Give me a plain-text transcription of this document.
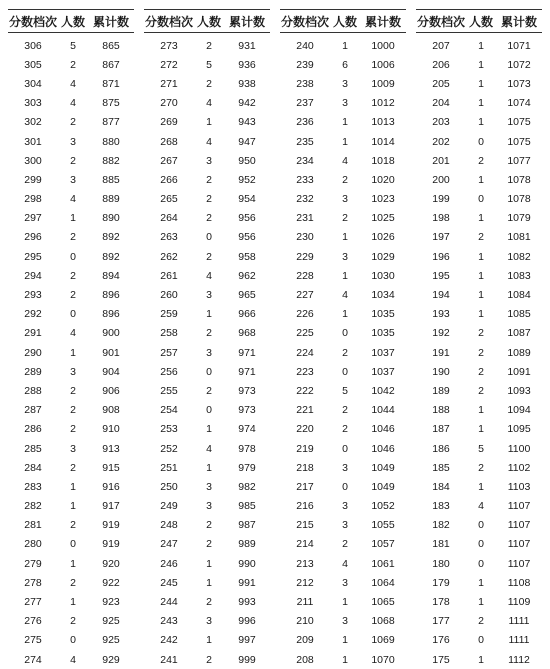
分数档次 人数 累计数
306	5	865
305	2	867
304	4	871
303	4	875
302	2	877
301	3	880
300	2	882
299	3	885
298	4	889
297	1	890
296	2	892
295	0	892
294	2	894
293	2	896
292	0	896
291	4	900
290	1	901
289	3	904
288	2	906
287	2	908
286	2	910
285	3	913
284	2	915
283	1	916
282	1	917
281	2	919
280	0	919
279	1	920
278	2	922
277	1	923
276	2	925
275	0	925
274	4	929
分数档次 人数 累计数
273	2	931
272	5	936
271	2	938
270	4	942
269	1	943
268	4	947
267	3	950
266	2	952
265	2	954
264	2	956
263	0	956
262	2	958
261	4	962
260	3	965
259	1	966
258	2	968
257	3	971
256	0	971
255	2	973
254	0	973
253	1	974
252	4	978
251	1	979
250	3	982
249	3	985
248	2	987
247	2	989
246	1	990
245	1	991
244	2	993
243	3	996
242	1	997
241	2	999
分数档次 人数 累计数
240	1	1000
239	6	1006
238	3	1009
237	3	1012
236	1	1013
235	1	1014
234	4	1018
233	2	1020
232	3	1023
231	2	1025
230	1	1026
229	3	1029
228	1	1030
227	4	1034
226	1	1035
225	0	1035
224	2	1037
223	0	1037
222	5	1042
221	2	1044
220	2	1046
219	0	1046
218	3	1049
217	0	1049
216	3	1052
215	3	1055
214	2	1057
213	4	1061
212	3	1064
211	1	1065
210	3	1068
209	1	1069
208	1	1070
分数档次 人数 累计数
207	1	1071
206	1	1072
205	1	1073
204	1	1074
203	1	1075
202	0	1075
201	2	1077
200	1	1078
199	0	1078
198	1	1079
197	2	1081
196	1	1082
195	1	1083
194	1	1084
193	1	1085
192	2	1087
191	2	1089
190	2	1091
189	2	1093
188	1	1094
187	1	1095
186	5	1100
185	2	1102
184	1	1103
183	4	1107
182	0	1107
181	0	1107
180	0	1107
179	1	1108
178	1	1109
177	2	1111
176	0	1111
175	1	1112
